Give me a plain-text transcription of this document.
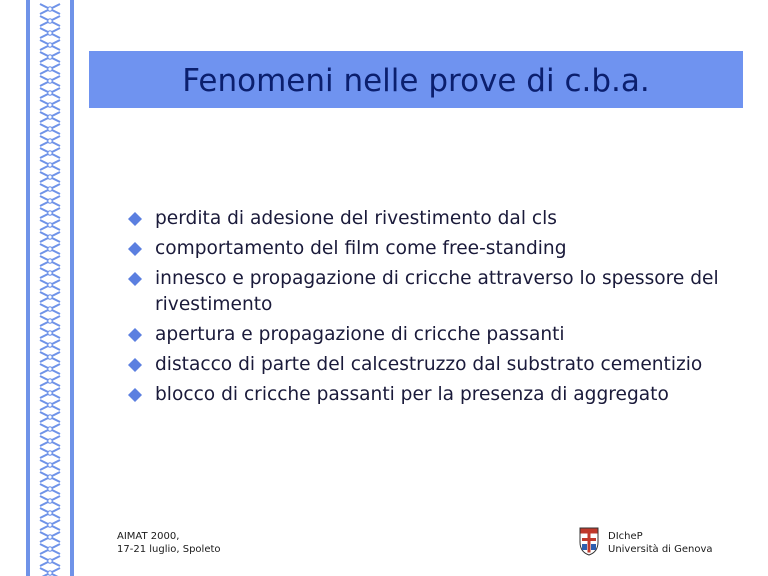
Fenomeni nelle prove di c.b.a.
perdita di adesione del rivestimento dal cls
comportamento del film come free-standing
innesco e propagazione di cricche attraverso lo spessore del rivestimento
apertura e propagazione di cricche passanti
distacco di parte del calcestruzzo dal substrato cementizio
blocco di cricche passanti per la presenza di aggregato
AIMAT 2000,
17-21 luglio, Spoleto
DIcheP
Università di Genova
